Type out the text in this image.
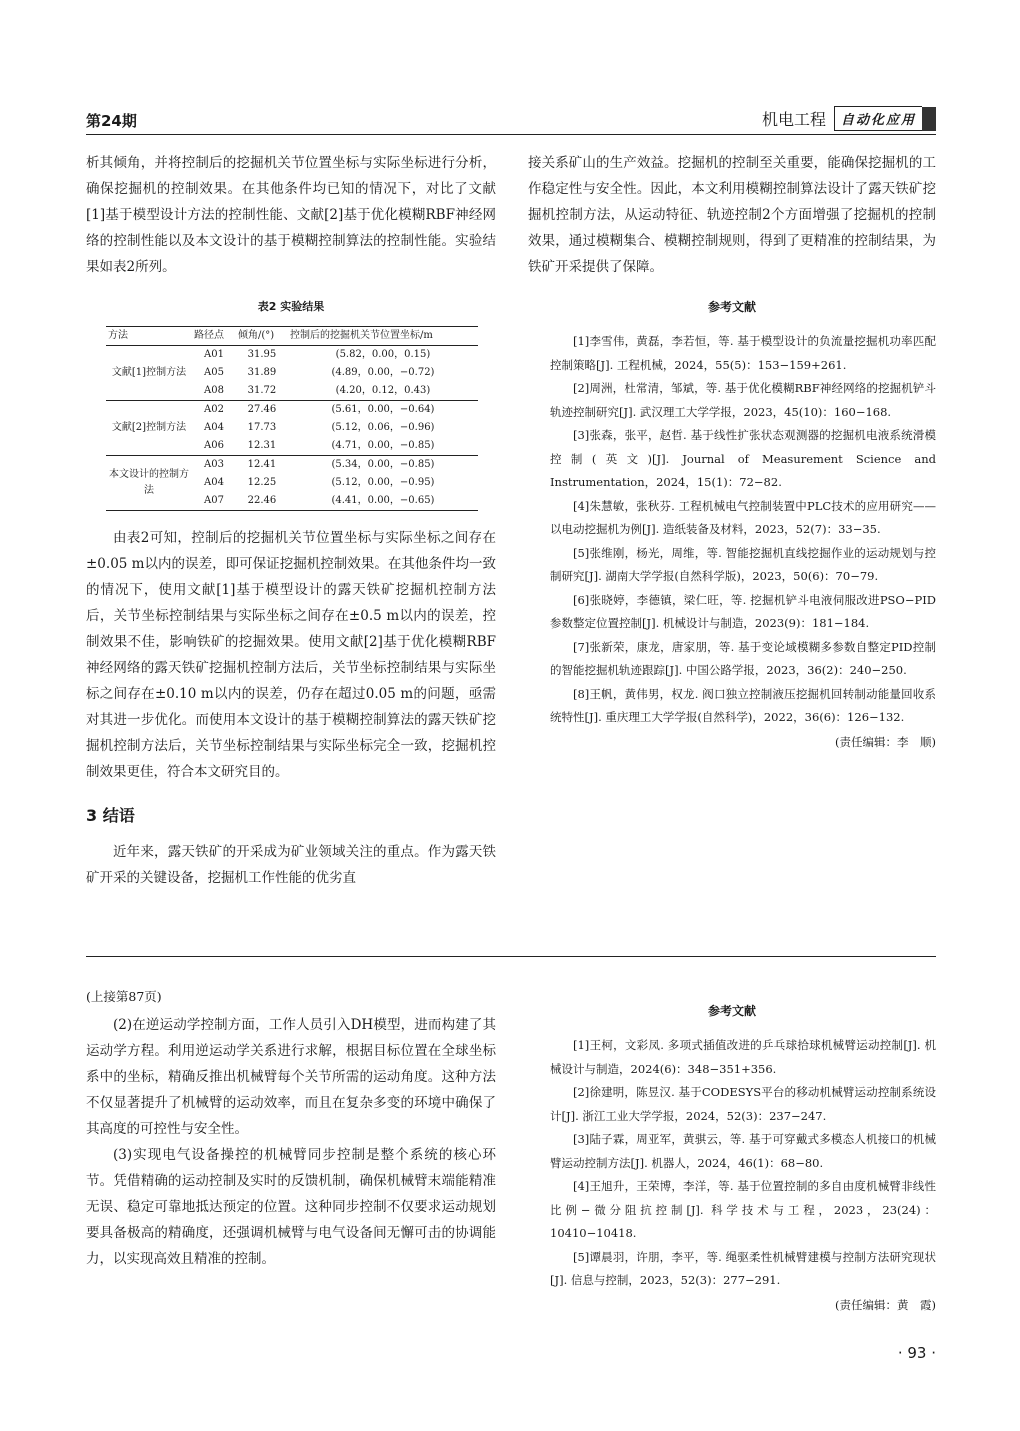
第24期	机电工程	自动化应用

析其倾角，并将控制后的挖掘机关节位置坐标与实际坐标进行分析，确保挖掘机的控制效果。在其他条件均已知的情况下，对比了文献[1]基于模型设计方法的控制性能、文献[2]基于优化模糊RBF神经网络的控制性能以及本文设计的基于模糊控制算法的控制性能。实验结果如表2所列。

表2 实验结果
方法	路径点	倾角/(°)	控制后的挖掘机关节位置坐标/m
文献[1]控制方法	A01	31.95	(5.82，0.00，0.15)
	A05	31.89	(4.89，0.00，−0.72)
	A08	31.72	(4.20，0.12，0.43)
文献[2]控制方法	A02	27.46	(5.61，0.00，−0.64)
	A04	17.73	(5.12，0.06，−0.96)
	A06	12.31	(4.71，0.00，−0.85)
本文设计的控制方法	A03	12.41	(5.34，0.00，−0.85)
	A04	12.25	(5.12，0.00，−0.95)
	A07	22.46	(4.41，0.00，−0.65)

由表2可知，控制后的挖掘机关节位置坐标与实际坐标之间存在±0.05 m以内的误差，即可保证挖掘机控制效果。在其他条件均一致的情况下，使用文献[1]基于模型设计的露天铁矿挖掘机控制方法后，关节坐标控制结果与实际坐标之间存在±0.5 m以内的误差，控制效果不佳，影响铁矿的挖掘效果。使用文献[2]基于优化模糊RBF神经网络的露天铁矿挖掘机控制方法后，关节坐标控制结果与实际坐标之间存在±0.10 m以内的误差，仍存在超过0.05 m的问题，亟需对其进一步优化。而使用本文设计的基于模糊控制算法的露天铁矿挖掘机控制方法后，关节坐标控制结果与实际坐标完全一致，挖掘机控制效果更佳，符合本文研究目的。

3 结语

近年来，露天铁矿的开采成为矿业领域关注的重点。作为露天铁矿开采的关键设备，挖掘机工作性能的优劣直

接关系矿山的生产效益。挖掘机的控制至关重要，能确保挖掘机的工作稳定性与安全性。因此，本文利用模糊控制算法设计了露天铁矿挖掘机控制方法，从运动特征、轨迹控制2个方面增强了挖掘机的控制效果，通过模糊集合、模糊控制规则，得到了更精准的控制结果，为铁矿开采提供了保障。

参考文献

[1]李雪伟，黄磊，李若恒，等. 基于模型设计的负流量挖掘机功率匹配控制策略[J]. 工程机械，2024，55(5)：153−159+261.

[2]周洲，杜常清，邹斌，等. 基于优化模糊RBF神经网络的挖掘机铲斗轨迹控制研究[J]. 武汉理工大学学报，2023，45(10)：160−168.

[3]张森，张平，赵哲. 基于线性扩张状态观测器的挖掘机电液系统滑模控制(英文)[J]. Journal of Measurement Science and Instrumentation，2024，15(1)：72−82.

[4]朱慧敏，张秋芬. 工程机械电气控制装置中PLC技术的应用研究——以电动挖掘机为例[J]. 造纸装备及材料，2023，52(7)：33−35.

[5]张维刚，杨光，周维，等. 智能挖掘机直线挖掘作业的运动规划与控制研究[J]. 湖南大学学报(自然科学版)，2023，50(6)：70−79.

[6]张晓婷，李德镇，梁仁旺，等. 挖掘机铲斗电液伺服改进PSO−PID参数整定位置控制[J]. 机械设计与制造，2023(9)：181−184.

[7]张新荣，康龙，唐家朋，等. 基于变论域模糊多参数自整定PID控制的智能挖掘机轨迹跟踪[J]. 中国公路学报，2023，36(2)：240−250.

[8]王帆，黄伟男，权龙. 阀口独立控制液压挖掘机回转制动能量回收系统特性[J]. 重庆理工大学学报(自然科学)，2022，36(6)：126−132.

(责任编辑：李　顺)

(上接第87页)

(2)在逆运动学控制方面，工作人员引入DH模型，进而构建了其运动学方程。利用逆运动学关系进行求解，根据目标位置在全球坐标系中的坐标，精确反推出机械臂每个关节所需的运动角度。这种方法不仅显著提升了机械臂的运动效率，而且在复杂多变的环境中确保了其高度的可控性与安全性。

(3)实现电气设备操控的机械臂同步控制是整个系统的核心环节。凭借精确的运动控制及实时的反馈机制，确保机械臂末端能精准无误、稳定可靠地抵达预定的位置。这种同步控制不仅要求运动规划要具备极高的精确度，还强调机械臂与电气设备间无懈可击的协调能力，以实现高效且精准的控制。

参考文献

[1]王柯，文彩凤. 多项式插值改进的乒乓球拾球机械臂运动控制[J]. 机械设计与制造，2024(6)：348−351+356.

[2]徐建明，陈昱汉. 基于CODESYS平台的移动机械臂运动控制系统设计[J]. 浙江工业大学学报，2024，52(3)：237−247.

[3]陆子霖，周亚军，黄骐云，等. 基于可穿戴式多模态人机接口的机械臂运动控制方法[J]. 机器人，2024，46(1)：68−80.

[4]王旭升，王荣博，李洋，等. 基于位置控制的多自由度机械臂非线性比例−微分阻抗控制[J]. 科学技术与工程，2023，23(24)：10410−10418.

[5]谭晨羽，许朋，李平，等. 绳驱柔性机械臂建模与控制方法研究现状[J]. 信息与控制，2023，52(3)：277−291.

(责任编辑：黄　霞)

· 93 ·
